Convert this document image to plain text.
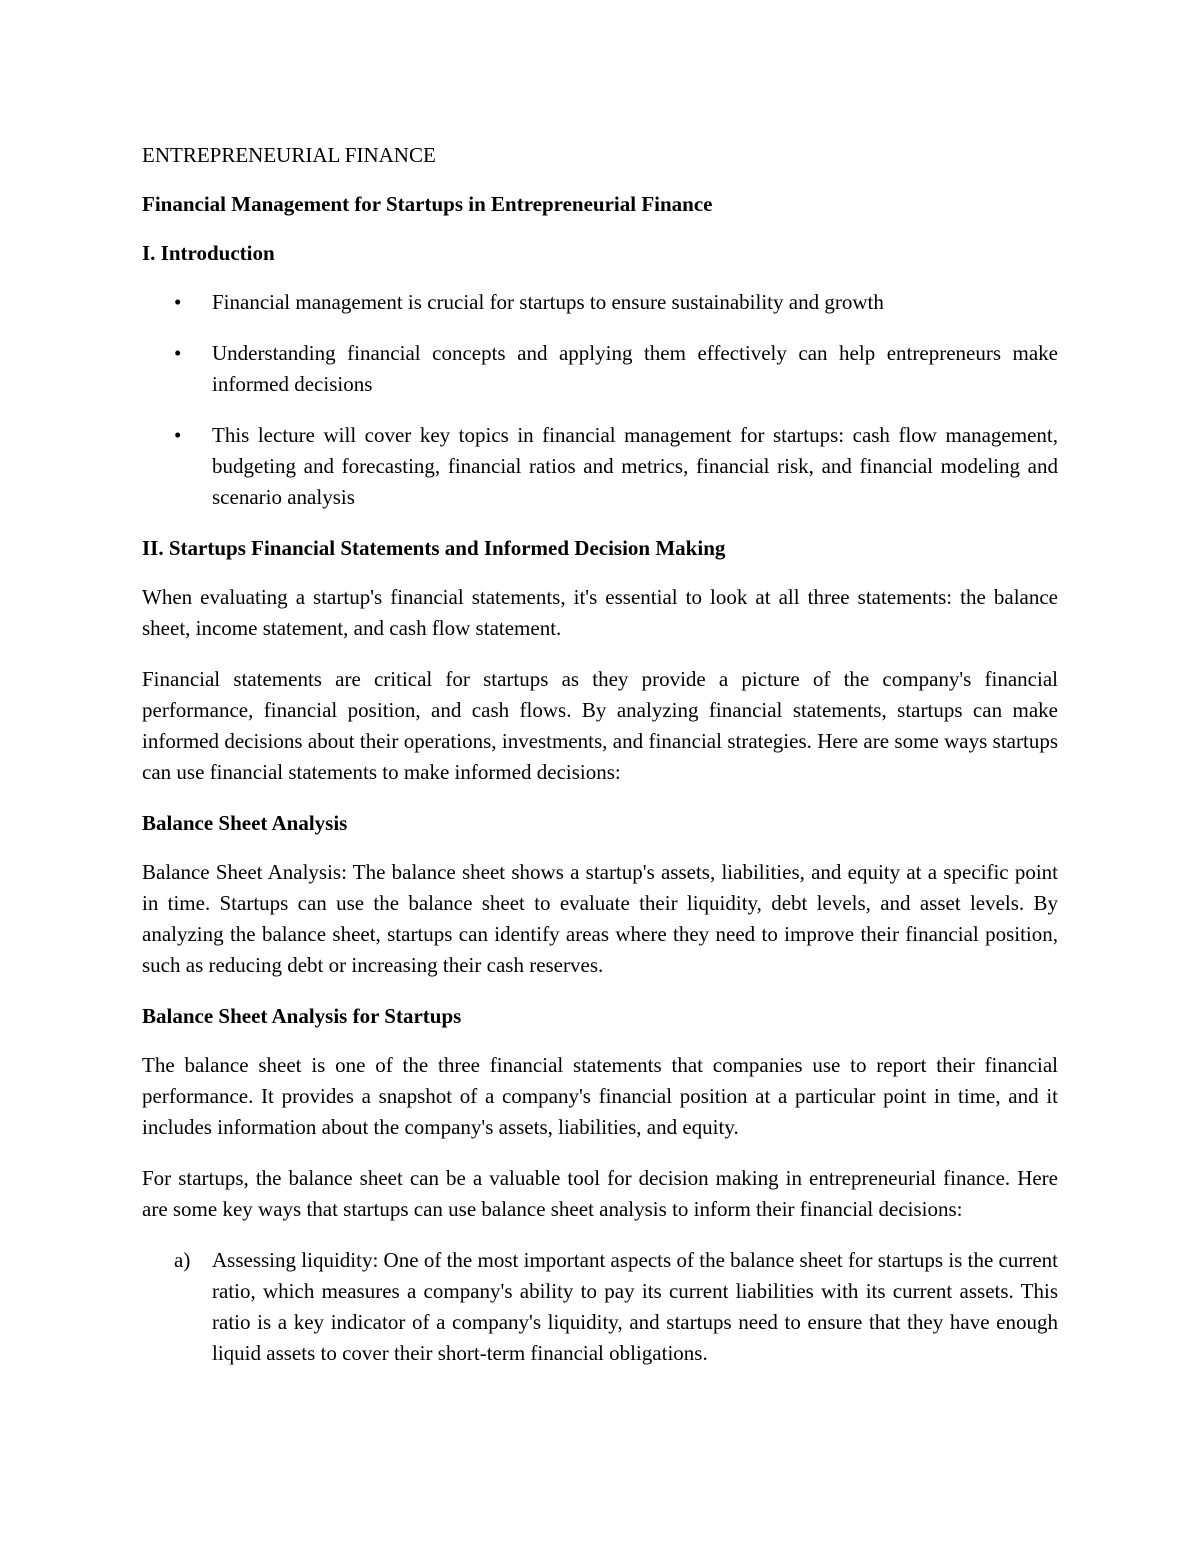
ENTREPRENEURIAL FINANCE

Financial Management for Startups in Entrepreneurial Finance

I. Introduction

• Financial management is crucial for startups to ensure sustainability and growth
• Understanding financial concepts and applying them effectively can help entrepreneurs make informed decisions
• This lecture will cover key topics in financial management for startups: cash flow management, budgeting and forecasting, financial ratios and metrics, financial risk, and financial modeling and scenario analysis

II. Startups Financial Statements and Informed Decision Making

When evaluating a startup's financial statements, it's essential to look at all three statements: the balance sheet, income statement, and cash flow statement.

Financial statements are critical for startups as they provide a picture of the company's financial performance, financial position, and cash flows. By analyzing financial statements, startups can make informed decisions about their operations, investments, and financial strategies. Here are some ways startups can use financial statements to make informed decisions:

Balance Sheet Analysis

Balance Sheet Analysis: The balance sheet shows a startup's assets, liabilities, and equity at a specific point in time. Startups can use the balance sheet to evaluate their liquidity, debt levels, and asset levels. By analyzing the balance sheet, startups can identify areas where they need to improve their financial position, such as reducing debt or increasing their cash reserves.

Balance Sheet Analysis for Startups

The balance sheet is one of the three financial statements that companies use to report their financial performance. It provides a snapshot of a company's financial position at a particular point in time, and it includes information about the company's assets, liabilities, and equity.

For startups, the balance sheet can be a valuable tool for decision making in entrepreneurial finance. Here are some key ways that startups can use balance sheet analysis to inform their financial decisions:

a) Assessing liquidity: One of the most important aspects of the balance sheet for startups is the current ratio, which measures a company's ability to pay its current liabilities with its current assets. This ratio is a key indicator of a company's liquidity, and startups need to ensure that they have enough liquid assets to cover their short-term financial obligations.
